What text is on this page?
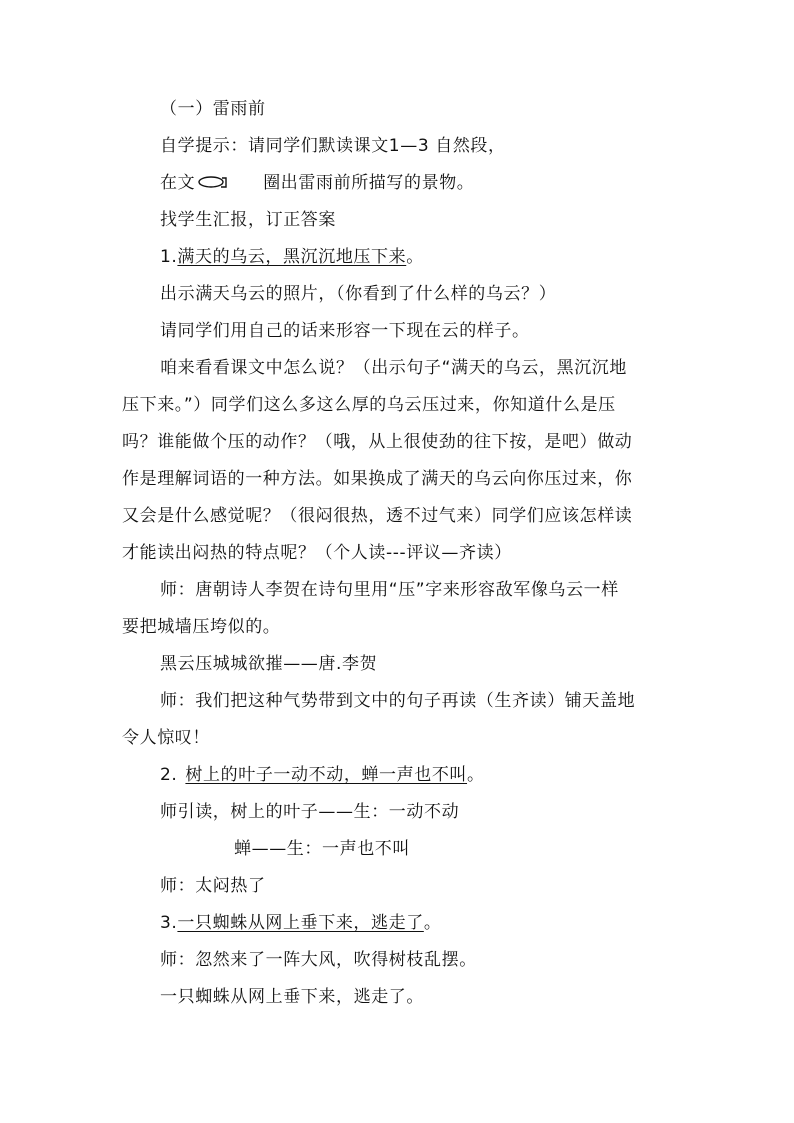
（一）雷雨前
自学提示：请同学们默读课文1—3 自然段，
在文	圈出雷雨前所描写的景物。
找学生汇报，订正答案
1.满天的乌云，黑沉沉地压下来。
出示满天乌云的照片，（你看到了什么样的乌云？）
请同学们用自己的话来形容一下现在云的样子。
咱来看看课文中怎么说？（出示句子“满天的乌云，黑沉沉地
压下来。”）同学们这么多这么厚的乌云压过来，你知道什么是压
吗？谁能做个压的动作？（哦，从上很使劲的往下按，是吧）做动
作是理解词语的一种方法。如果换成了满天的乌云向你压过来，你
又会是什么感觉呢？（很闷很热，透不过气来）同学们应该怎样读
才能读出闷热的特点呢？（个人读---评议—齐读）
师：唐朝诗人李贺在诗句里用“压”字来形容敌军像乌云一样
要把城墙压垮似的。
黑云压城城欲摧——唐.李贺
师：我们把这种气势带到文中的句子再读（生齐读）铺天盖地
令人惊叹！
2. 树上的叶子一动不动，蝉一声也不叫。
师引读，树上的叶子——生：一动不动
蝉——生：一声也不叫
师：太闷热了
3.一只蜘蛛从网上垂下来，逃走了。
师：忽然来了一阵大风，吹得树枝乱摆。
一只蜘蛛从网上垂下来，逃走了。
